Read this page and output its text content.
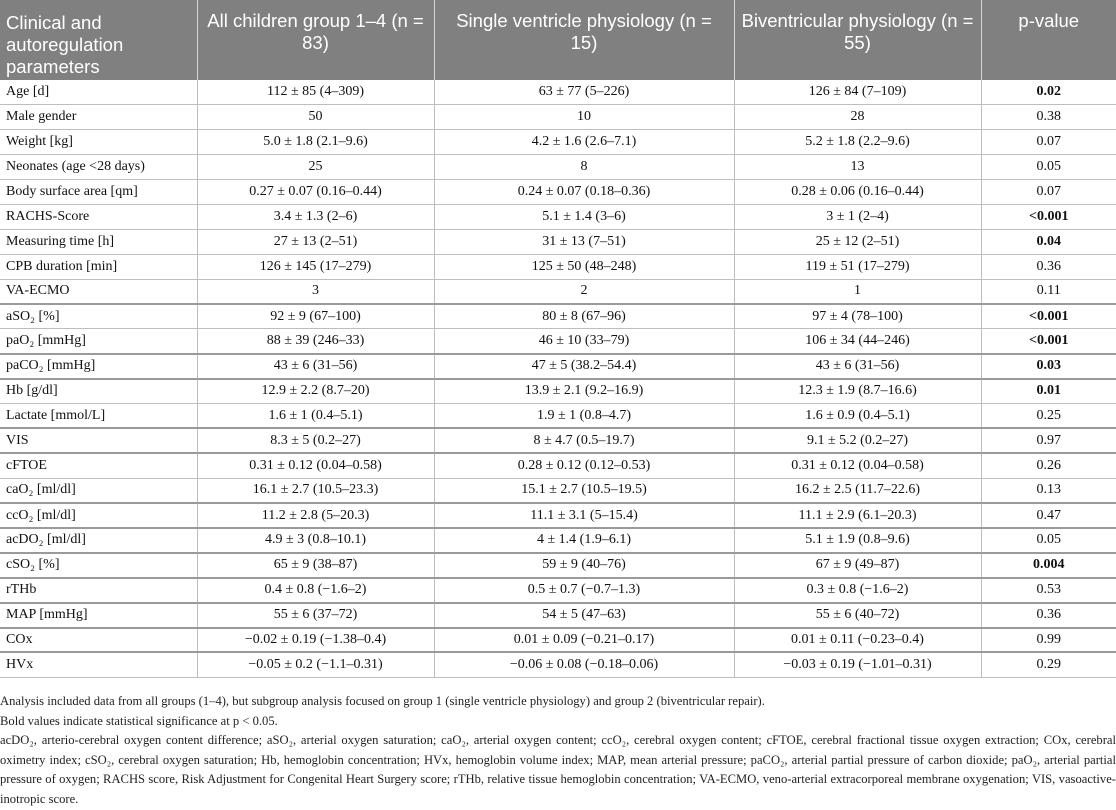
Clinical and autoregulation parameters	All children group 1–4 (n = 83)	Single ventricle physiology (n = 15)	Biventricular physiology (n = 55)	p-value
Age [d]	112 ± 85 (4–309)	63 ± 77 (5–226)	126 ± 84 (7–109)	0.02
Male gender	50	10	28	0.38
Weight [kg]	5.0 ± 1.8 (2.1–9.6)	4.2 ± 1.6 (2.6–7.1)	5.2 ± 1.8 (2.2–9.6)	0.07
Neonates (age <28 days)	25	8	13	0.05
Body surface area [qm]	0.27 ± 0.07 (0.16–0.44)	0.24 ± 0.07 (0.18–0.36)	0.28 ± 0.06 (0.16–0.44)	0.07
RACHS-Score	3.4 ± 1.3 (2–6)	5.1 ± 1.4 (3–6)	3 ± 1 (2–4)	<0.001
Measuring time [h]	27 ± 13 (2–51)	31 ± 13 (7–51)	25 ± 12 (2–51)	0.04
CPB duration [min]	126 ± 145 (17–279)	125 ± 50 (48–248)	119 ± 51 (17–279)	0.36
VA-ECMO	3	2	1	0.11
aSO₂ [%]	92 ± 9 (67–100)	80 ± 8 (67–96)	97 ± 4 (78–100)	<0.001
paO₂ [mmHg]	88 ± 39 (246–33)	46 ± 10 (33–79)	106 ± 34 (44–246)	<0.001
paCO₂ [mmHg]	43 ± 6 (31–56)	47 ± 5 (38.2–54.4)	43 ± 6 (31–56)	0.03
Hb [g/dl]	12.9 ± 2.2 (8.7–20)	13.9 ± 2.1 (9.2–16.9)	12.3 ± 1.9 (8.7–16.6)	0.01
Lactate [mmol/L]	1.6 ± 1 (0.4–5.1)	1.9 ± 1 (0.8–4.7)	1.6 ± 0.9 (0.4–5.1)	0.25
VIS	8.3 ± 5 (0.2–27)	8 ± 4.7 (0.5–19.7)	9.1 ± 5.2 (0.2–27)	0.97
cFTOE	0.31 ± 0.12 (0.04–0.58)	0.28 ± 0.12 (0.12–0.53)	0.31 ± 0.12 (0.04–0.58)	0.26
caO₂ [ml/dl]	16.1 ± 2.7 (10.5–23.3)	15.1 ± 2.7 (10.5–19.5)	16.2 ± 2.5 (11.7–22.6)	0.13
ccO₂ [ml/dl]	11.2 ± 2.8 (5–20.3)	11.1 ± 3.1 (5–15.4)	11.1 ± 2.9 (6.1–20.3)	0.47
acDO₂ [ml/dl]	4.9 ± 3 (0.8–10.1)	4 ± 1.4 (1.9–6.1)	5.1 ± 1.9 (0.8–9.6)	0.05
cSO₂ [%]	65 ± 9 (38–87)	59 ± 9 (40–76)	67 ± 9 (49–87)	0.004
rTHb	0.4 ± 0.8 (−1.6–2)	0.5 ± 0.7 (−0.7–1.3)	0.3 ± 0.8 (−1.6–2)	0.53
MAP [mmHg]	55 ± 6 (37–72)	54 ± 5 (47–63)	55 ± 6 (40–72)	0.36
COx	−0.02 ± 0.19 (−1.38–0.4)	0.01 ± 0.09 (−0.21–0.17)	0.01 ± 0.11 (−0.23–0.4)	0.99
HVx	−0.05 ± 0.2 (−1.1–0.31)	−0.06 ± 0.08 (−0.18–0.06)	−0.03 ± 0.19 (−1.01–0.31)	0.29

Analysis included data from all groups (1–4), but subgroup analysis focused on group 1 (single ventricle physiology) and group 2 (biventricular repair).

Bold values indicate statistical significance at p < 0.05.

acDO₂, arterio-cerebral oxygen content difference; aSO₂, arterial oxygen saturation; caO₂, arterial oxygen content; ccO₂, cerebral oxygen content; cFTOE, cerebral fractional tissue oxygen extraction; COx, cerebral oximetry index; cSO₂, cerebral oxygen saturation; Hb, hemoglobin concentration; HVx, hemoglobin volume index; MAP, mean arterial pressure; paCO₂, arterial partial pressure of carbon dioxide; paO₂, arterial partial pressure of oxygen; RACHS score, Risk Adjustment for Congenital Heart Surgery score; rTHb, relative tissue hemoglobin concentration; VA-ECMO, veno-arterial extracorporeal membrane oxygenation; VIS, vasoactive-inotropic score.
